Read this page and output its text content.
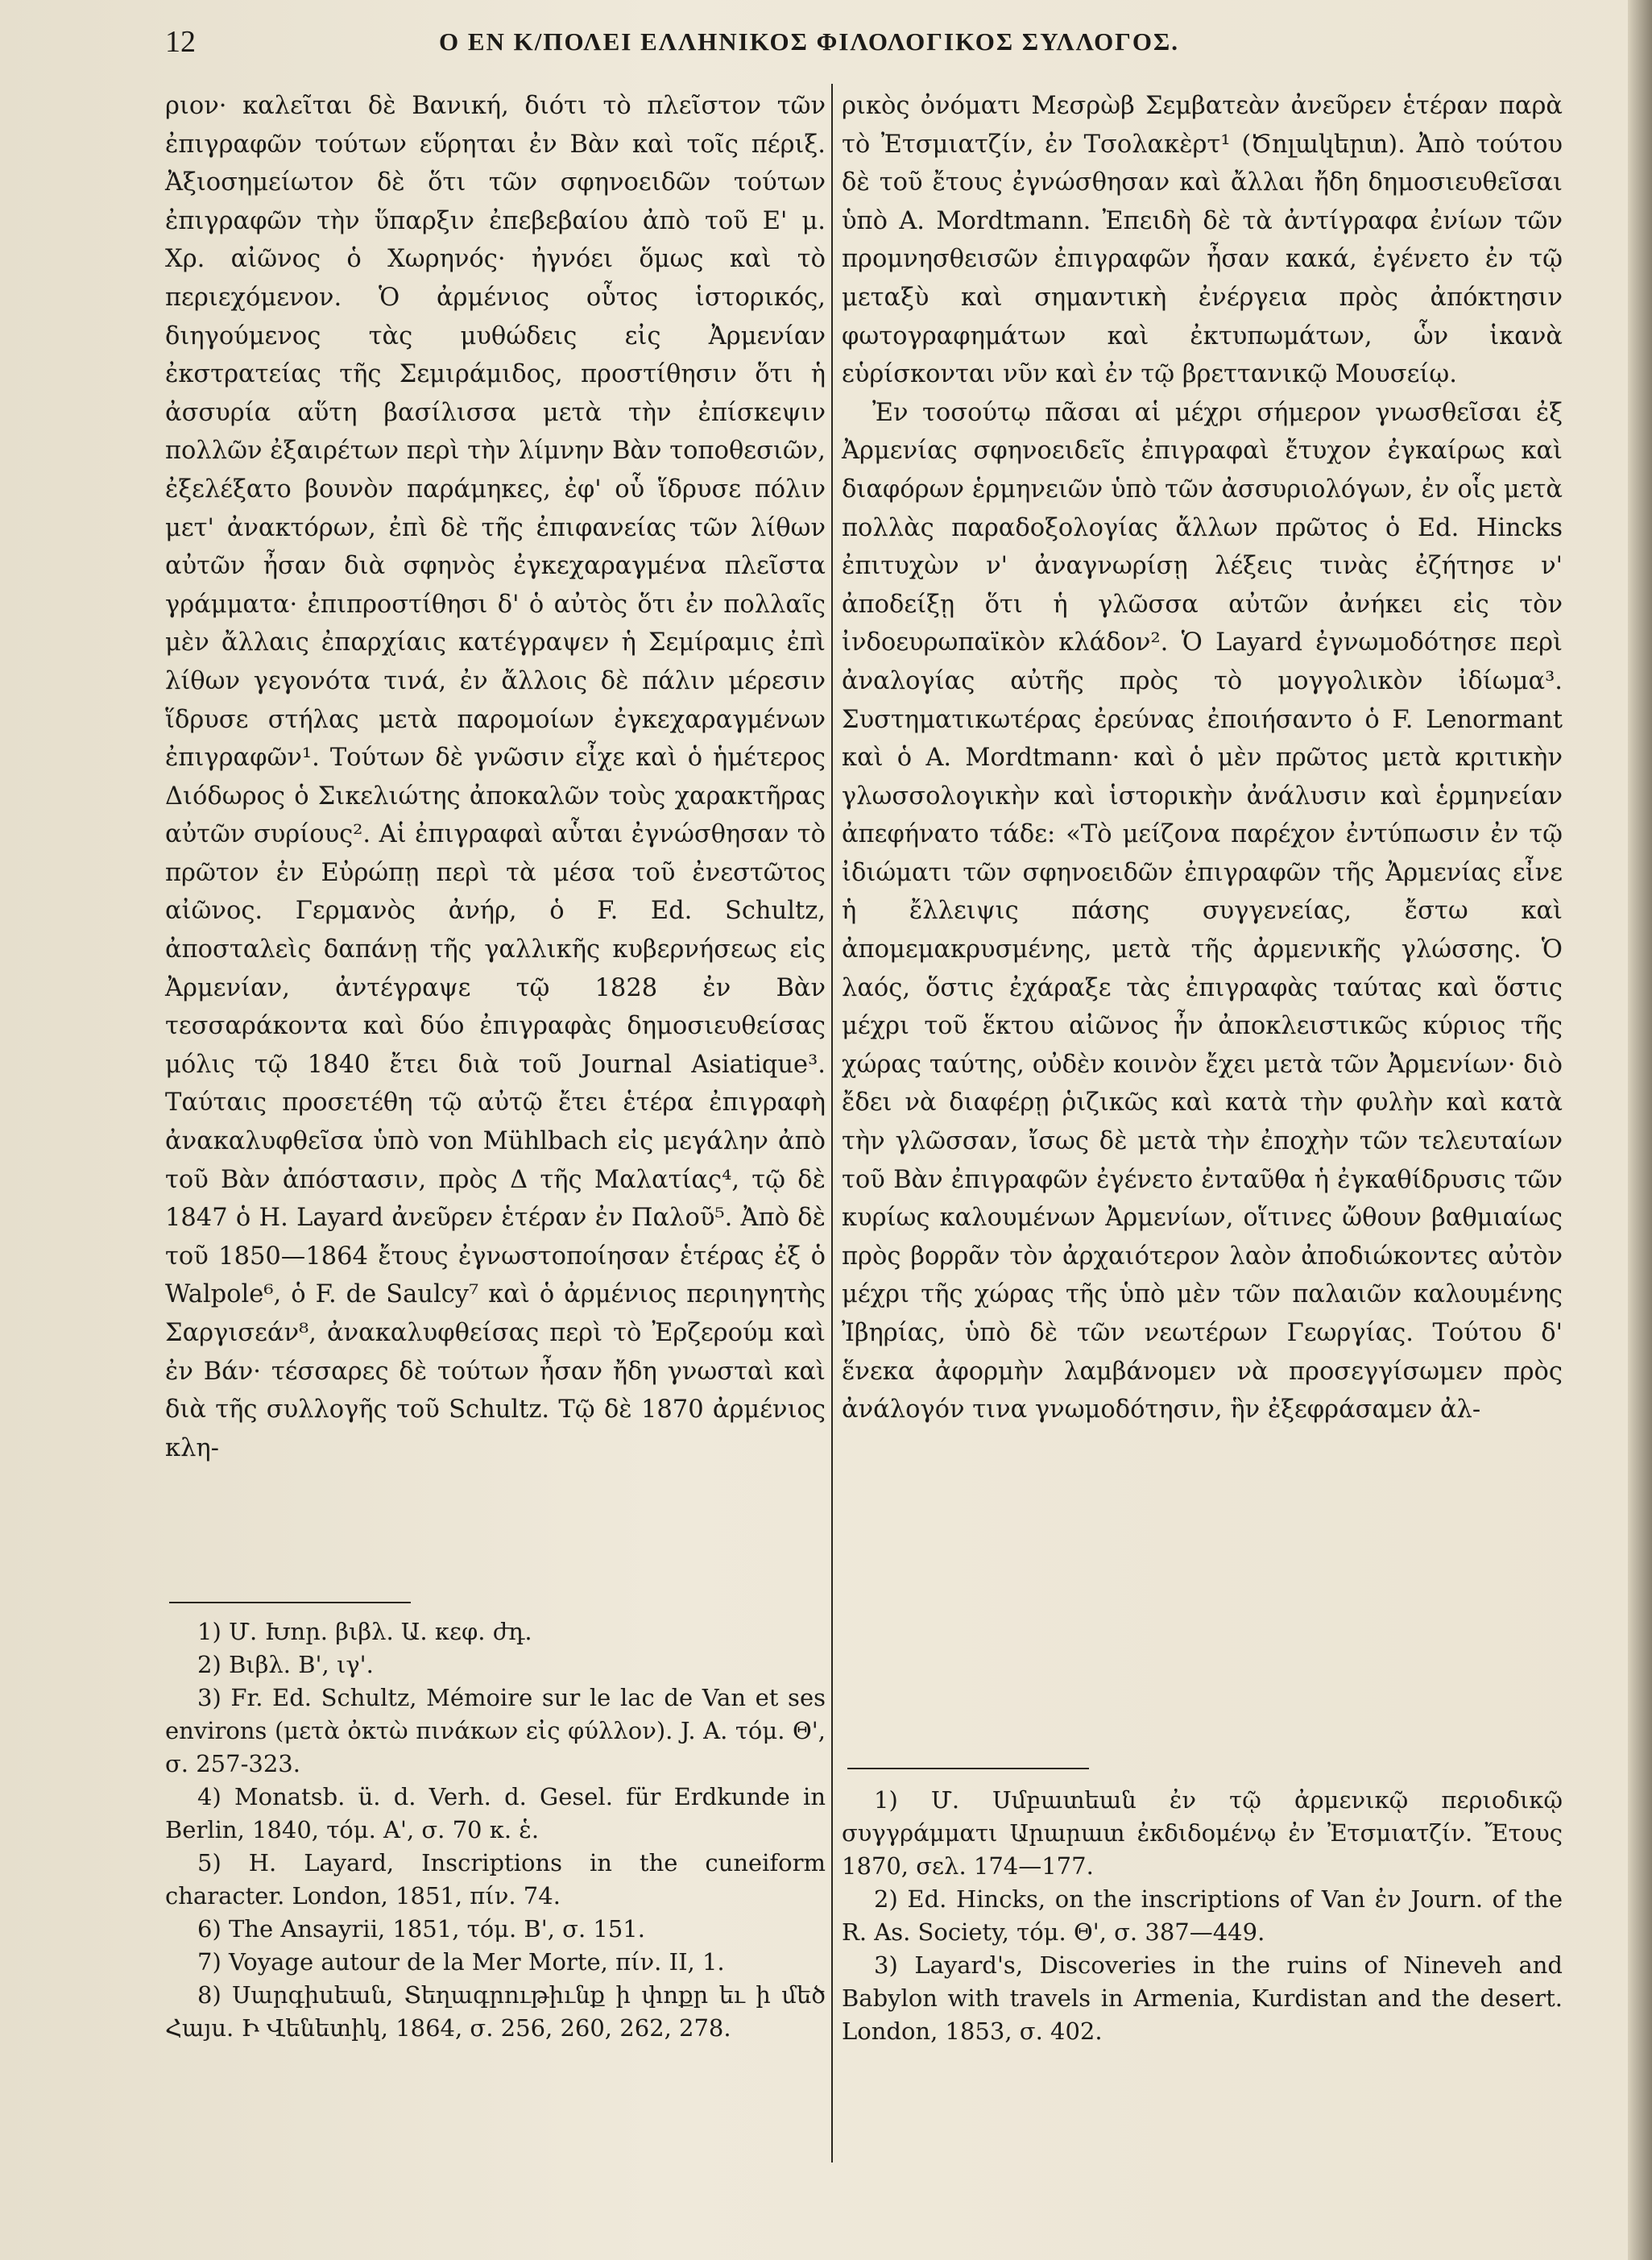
12	Ο ΕΝ Κ/ΠΟΛΕΙ ΕΛΛΗΝΙΚΟΣ ΦΙΛΟΛΟΓΙΚΟΣ ΣΥΛΛΟΓΟΣ.

ριον· καλεῖται δὲ Βανική, διότι τὸ πλεῖστον τῶν ἐπιγραφῶν τούτων εὕρηται ἐν Βὰν καὶ τοῖς πέριξ. Ἀξιοσημείωτον δὲ ὅτι τῶν σφηνοειδῶν τούτων ἐπιγραφῶν τὴν ὕπαρξιν ἐπεβεβαίου ἀπὸ τοῦ Ε' μ. Χρ. αἰῶνος ὁ Χωρηνός· ἠγνόει ὅμως καὶ τὸ περιεχόμενον. Ὁ ἀρμένιος οὗτος ἱστορικός, διηγούμενος τὰς μυθώδεις εἰς Ἀρμενίαν ἐκστρατείας τῆς Σεμιράμιδος, προστίθησιν ὅτι ἡ ἀσσυρία αὕτη βασίλισσα μετὰ τὴν ἐπίσκεψιν πολλῶν ἐξαιρέτων περὶ τὴν λίμνην Βὰν τοποθεσιῶν, ἐξελέξατο βουνὸν παράμηκες, ἐφ' οὗ ἵδρυσε πόλιν μετ' ἀνακτόρων, ἐπὶ δὲ τῆς ἐπιφανείας τῶν λίθων αὐτῶν ἦσαν διὰ σφηνὸς ἐγκεχαραγμένα πλεῖστα γράμματα· ἐπιπροστίθησι δ' ὁ αὐτὸς ὅτι ἐν πολλαῖς μὲν ἄλλαις ἐπαρχίαις κατέγραψεν ἡ Σεμίραμις ἐπὶ λίθων γεγονότα τινά, ἐν ἄλλοις δὲ πάλιν μέρεσιν ἵδρυσε στήλας μετὰ παρομοίων ἐγκεχαραγμένων ἐπιγραφῶν¹. Τούτων δὲ γνῶσιν εἶχε καὶ ὁ ἡμέτερος Διόδωρος ὁ Σικελιώτης ἀποκαλῶν τοὺς χαρακτῆρας αὐτῶν συρίους². Αἱ ἐπιγραφαὶ αὗται ἐγνώσθησαν τὸ πρῶτον ἐν Εὐρώπῃ περὶ τὰ μέσα τοῦ ἐνεστῶτος αἰῶνος. Γερμανὸς ἀνήρ, ὁ F. Ed. Schultz, ἀποσταλεὶς δαπάνῃ τῆς γαλλικῆς κυβερνήσεως εἰς Ἀρμενίαν, ἀντέγραψε τῷ 1828 ἐν Βὰν τεσσαράκοντα καὶ δύο ἐπιγραφὰς δημοσιευθείσας μόλις τῷ 1840 ἔτει διὰ τοῦ Journal Asiatique³. Ταύταις προσετέθη τῷ αὐτῷ ἔτει ἑτέρα ἐπιγραφὴ ἀνακαλυφθεῖσα ὑπὸ von Mühlbach εἰς μεγάλην ἀπὸ τοῦ Βὰν ἀπόστασιν, πρὸς Δ τῆς Μαλατίας⁴, τῷ δὲ 1847 ὁ H. Layard ἀνεῦρεν ἑτέραν ἐν Παλοῦ⁵. Ἀπὸ δὲ τοῦ 1850—1864 ἔτους ἐγνωστοποίησαν ἑτέρας ἐξ ὁ Walpole⁶, ὁ F. de Saulcy⁷ καὶ ὁ ἀρμένιος περιηγητὴς Σαργισεάν⁸, ἀνακαλυφθείσας περὶ τὸ Ἐρζερούμ καὶ ἐν Βάν· τέσσαρες δὲ τούτων ἦσαν ἤδη γνωσταὶ καὶ διὰ τῆς συλλογῆς τοῦ Schultz. Τῷ δὲ 1870 ἀρμένιος κλη-

ρικὸς ὀνόματι Μεσρὼβ Σεμβατεὰν ἀνεῦρεν ἑτέραν παρὰ τὸ Ἐτσμιατζίν, ἐν Τσολακὲρτ¹ (Ծոլակերտ). Ἀπὸ τούτου δὲ τοῦ ἔτους ἐγνώσθησαν καὶ ἄλλαι ἤδη δημοσιευθεῖσαι ὑπὸ Α. Mordtmann. Ἐπειδὴ δὲ τὰ ἀντίγραφα ἐνίων τῶν προμνησθεισῶν ἐπιγραφῶν ἦσαν κακά, ἐγένετο ἐν τῷ μεταξὺ καὶ σημαντικὴ ἐνέργεια πρὸς ἀπόκτησιν φωτογραφημάτων καὶ ἐκτυπωμάτων, ὧν ἱκανὰ εὑρίσκονται νῦν καὶ ἐν τῷ βρεττανικῷ Μουσείῳ.

Ἐν τοσούτῳ πᾶσαι αἱ μέχρι σήμερον γνωσθεῖσαι ἐξ Ἀρμενίας σφηνοειδεῖς ἐπιγραφαὶ ἔτυχον ἐγκαίρως καὶ διαφόρων ἑρμηνειῶν ὑπὸ τῶν ἀσσυριολόγων, ἐν οἷς μετὰ πολλὰς παραδοξολογίας ἄλλων πρῶτος ὁ Ed. Hincks ἐπιτυχὼν ν' ἀναγνωρίσῃ λέξεις τινὰς ἐζήτησε ν' ἀποδείξῃ ὅτι ἡ γλῶσσα αὐτῶν ἀνήκει εἰς τὸν ἰνδοευρωπαϊκὸν κλάδον². Ὁ Layard ἐγνωμοδότησε περὶ ἀναλογίας αὐτῆς πρὸς τὸ μογγολικὸν ἰδίωμα³. Συστηματικωτέρας ἐρεύνας ἐποιήσαντο ὁ F. Lenormant καὶ ὁ A. Mordtmann· καὶ ὁ μὲν πρῶτος μετὰ κριτικὴν γλωσσολογικὴν καὶ ἱστορικὴν ἀνάλυσιν καὶ ἑρμηνείαν ἀπεφήνατο τάδε: «Τὸ μείζονα παρέχον ἐντύπωσιν ἐν τῷ ἰδιώματι τῶν σφηνοειδῶν ἐπιγραφῶν τῆς Ἀρμενίας εἶνε ἡ ἔλλειψις πάσης συγγενείας, ἔστω καὶ ἀπομεμακρυσμένης, μετὰ τῆς ἀρμενικῆς γλώσσης. Ὁ λαός, ὅστις ἐχάραξε τὰς ἐπιγραφὰς ταύτας καὶ ὅστις μέχρι τοῦ ἕκτου αἰῶνος ἦν ἀποκλειστικῶς κύριος τῆς χώρας ταύτης, οὐδὲν κοινὸν ἔχει μετὰ τῶν Ἀρμενίων· διὸ ἔδει νὰ διαφέρῃ ῥιζικῶς καὶ κατὰ τὴν φυλὴν καὶ κατὰ τὴν γλῶσσαν, ἴσως δὲ μετὰ τὴν ἐποχὴν τῶν τελευταίων τοῦ Βὰν ἐπιγραφῶν ἐγένετο ἐνταῦθα ἡ ἐγκαθίδρυσις τῶν κυρίως καλουμένων Ἀρμενίων, οἵτινες ὤθουν βαθμιαίως πρὸς βορρᾶν τὸν ἀρχαιότερον λαὸν ἀποδιώκοντες αὐτὸν μέχρι τῆς χώρας τῆς ὑπὸ μὲν τῶν παλαιῶν καλουμένης Ἰβηρίας, ὑπὸ δὲ τῶν νεωτέρων Γεωργίας. Τούτου δ' ἕνεκα ἀφορμὴν λαμβάνομεν νὰ προσεγγίσωμεν πρὸς ἀνάλογόν τινα γνωμοδότησιν, ἣν ἐξεφράσαμεν ἀλ-

1) Մ. Խոր. βιβλ. Ա. κεφ. ժդ.

2) Βιβλ. Β', ιγ'.

3) Fr. Ed. Schultz, Mémoire sur le lac de Van et ses environs (μετὰ ὀκτὼ πινάκων εἰς φύλλον). J. A. τόμ. Θ', σ. 257-323.

4) Monatsb. ü. d. Verh. d. Gesel. für Erdkunde in Berlin, 1840, τόμ. Α', σ. 70 κ. ἑ.

5) H. Layard, Inscriptions in the cuneiform character. London, 1851, πίν. 74.

6) The Ansayrii, 1851, τόμ. Β', σ. 151.

7) Voyage autour de la Mer Morte, πίν. II, 1.

8) Սարգիսեան, Տեղագրութիւնք ի փոքր եւ ի մեծ Հայս. Ի Վենետիկ, 1864, σ. 256, 260, 262, 278.

1) Մ. Սմբատեան ἐν τῷ ἀρμενικῷ περιοδικῷ συγγράμματι Արարատ ἐκδιδομένῳ ἐν Ἐτσμιατζίν. Ἔτους 1870, σελ. 174—177.

2) Ed. Hincks, on the inscriptions of Van ἐν Journ. of the R. As. Society, τόμ. Θ', σ. 387—449.

3) Layard's, Discoveries in the ruins of Nineveh and Babylon with travels in Armenia, Kurdistan and the desert. London, 1853, σ. 402.
